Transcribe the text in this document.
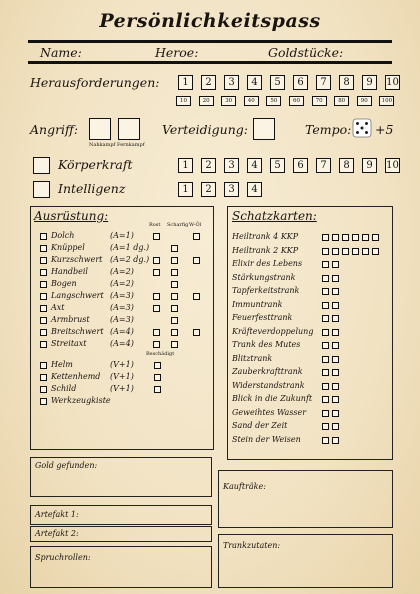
Persönlichkeitspass
Name:	Heroe:	Goldstücke:
Herausforderungen:	1	2	3	4	5	6	7	8	9	10
10	20	30	40	50	60	70	80	90	100
Angriff:
Nahkampf Fernkampf
Verteidigung:	Tempo: +5
Körperkraft
Intelligenz
1	2	3	4	5	6	7	8	9	10
1	2	3	4
Ausrüstung:
Rost Scharfig W-Öl
Dolch	(A=1)
Knüppel	(A=1 dg.)
Kurzschwert (A=2 dg.)
Handbeil	(A=2)
Bogen	(A=2)
Langschwert (A=3)
Axt	(A=3)
Armbrust	(A=3)
Breitschwert (A=4)
Streitaxt	(A=4)
Beschädigt
Helm	(V+1)
Kettenhemd (V+1)
Schild	(V+1)
Werkzeugkiste
Schatzkarten:
Heiltrank 4 KKP
Heiltrank 2 KKP
Elixir des Lebens
Stärkungstrank
Tapferkeitstrank
Immuntrank
Feuerfesttrank
Kräfteverdoppelung
Trank des Mutes
Blitztrank
Zauberkrafttrank
Widerstandstrank
Blick in die Zukunft
Geweihtes Wasser
Sand der Zeit
Stein der Weisen
Gold gefunden:
Kaufträke:
Artefakt 1:
Artefakt 2:
Spruchrollen:
Trankzutaten:
